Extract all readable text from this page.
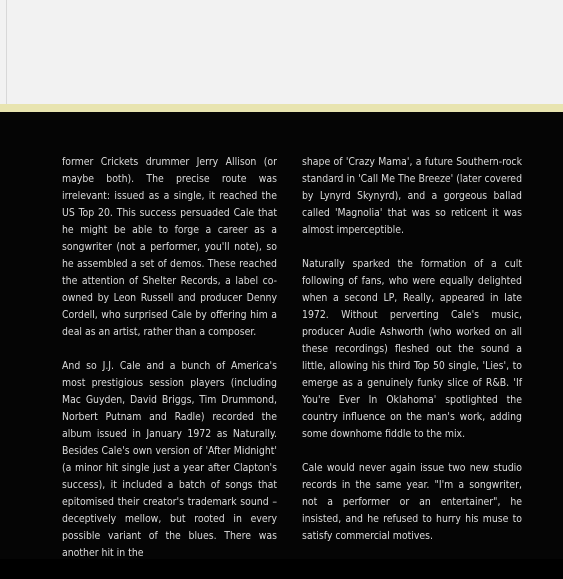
former Crickets drummer Jerry Allison (or maybe both). The precise route was irrelevant: issued as a single, it reached the US Top 20. This success persuaded Cale that he might be able to forge a career as a songwriter (not a performer, you'll note), so he assembled a set of demos. These reached the attention of Shelter Records, a label co-owned by Leon Russell and producer Denny Cordell, who surprised Cale by offering him a deal as an artist, rather than a composer.

And so J.J. Cale and a bunch of America's most prestigious session players (including Mac Guyden, David Briggs, Tim Drummond, Norbert Putnam and Radle) recorded the album issued in January 1972 as Naturally. Besides Cale's own version of 'After Midnight' (a minor hit single just a year after Clapton's success), it included a batch of songs that epitomised their creator's trademark sound – deceptively mellow, but rooted in every possible variant of the blues. There was another hit in the

shape of 'Crazy Mama', a future Southern-rock standard in 'Call Me The Breeze' (later covered by Lynyrd Skynyrd), and a gorgeous ballad called 'Magnolia' that was so reticent it was almost imperceptible.

Naturally sparked the formation of a cult following of fans, who were equally delighted when a second LP, Really, appeared in late 1972. Without perverting Cale's music, producer Audie Ashworth (who worked on all these recordings) fleshed out the sound a little, allowing his third Top 50 single, 'Lies', to emerge as a genuinely funky slice of R&B. 'If You're Ever In Oklahoma' spotlighted the country influence on the man's work, adding some downhome fiddle to the mix.

Cale would never again issue two new studio records in the same year. "I'm a songwriter, not a performer or an entertainer", he insisted, and he refused to hurry his muse to satisfy commercial motives.
